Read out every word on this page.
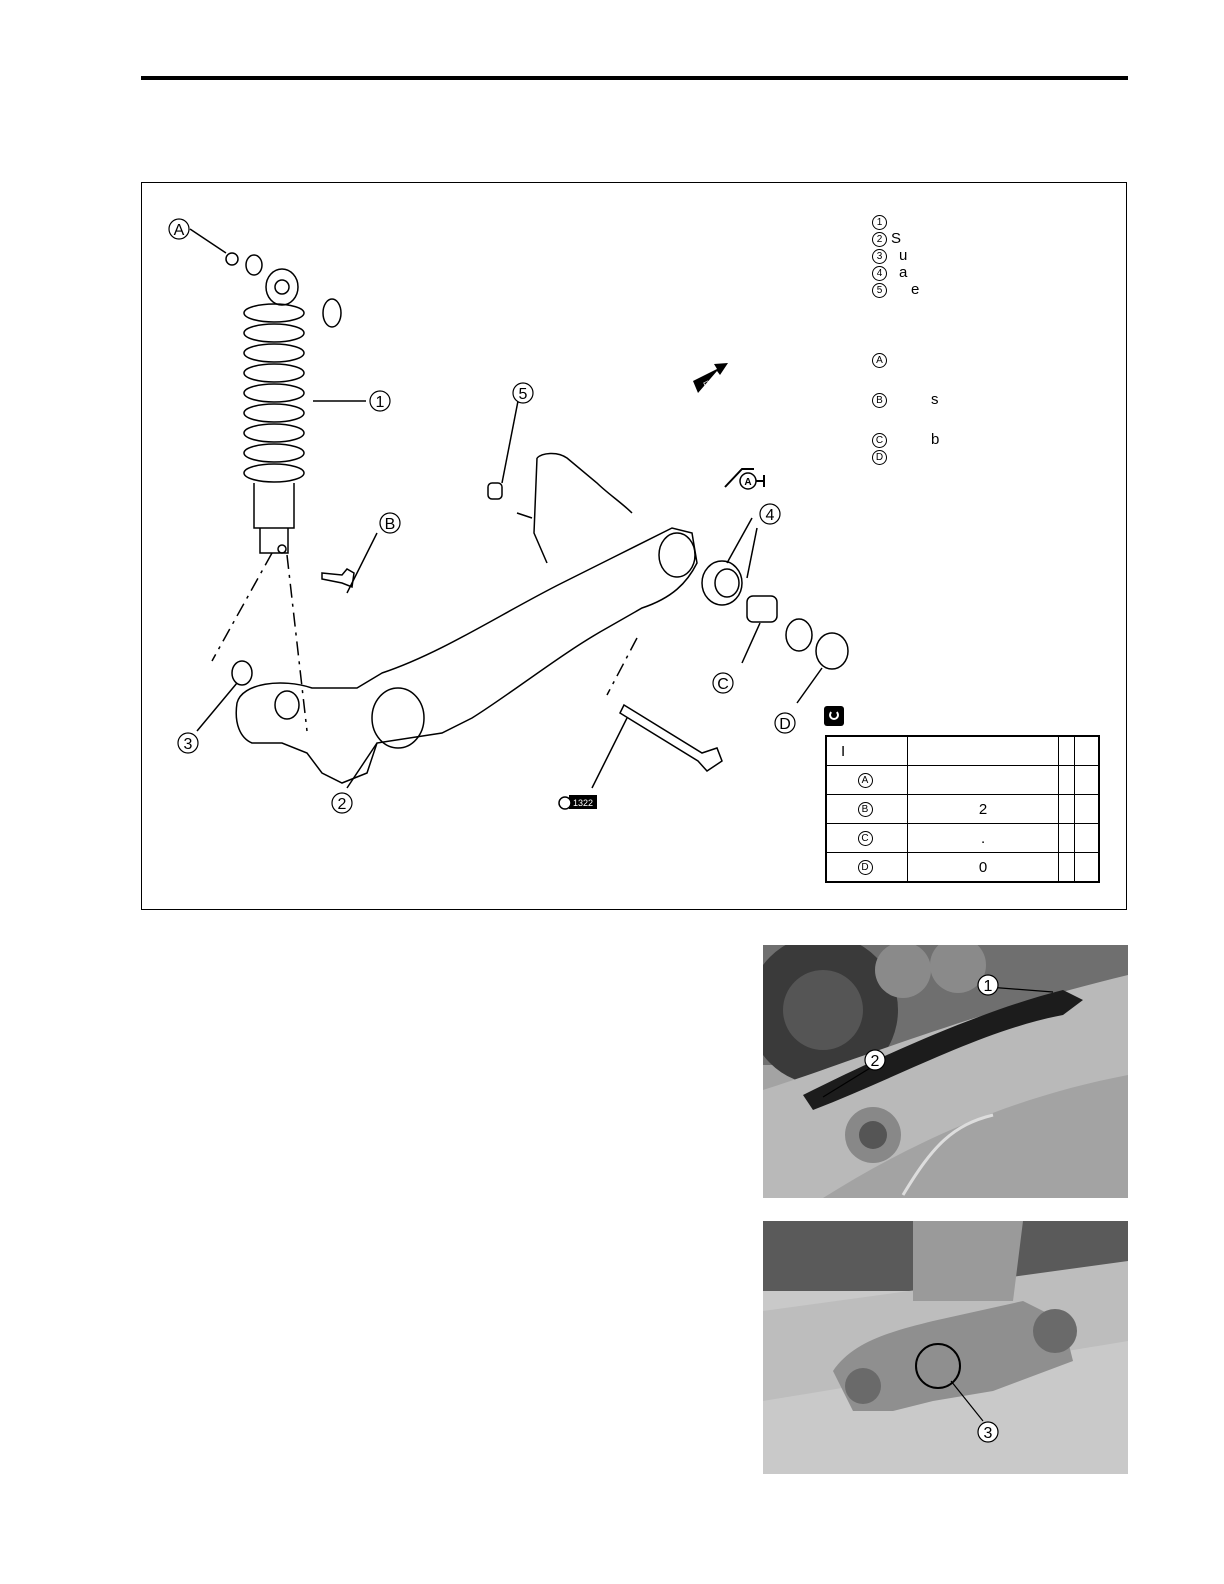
A
1	5
B
4
C
D
3
2
A
1322
FWD
1
2 S
3 u
4 a
5 e
A
B	s
C	b
D
I			
A			
B	2		
C	.		
D	0		
1
2
3
